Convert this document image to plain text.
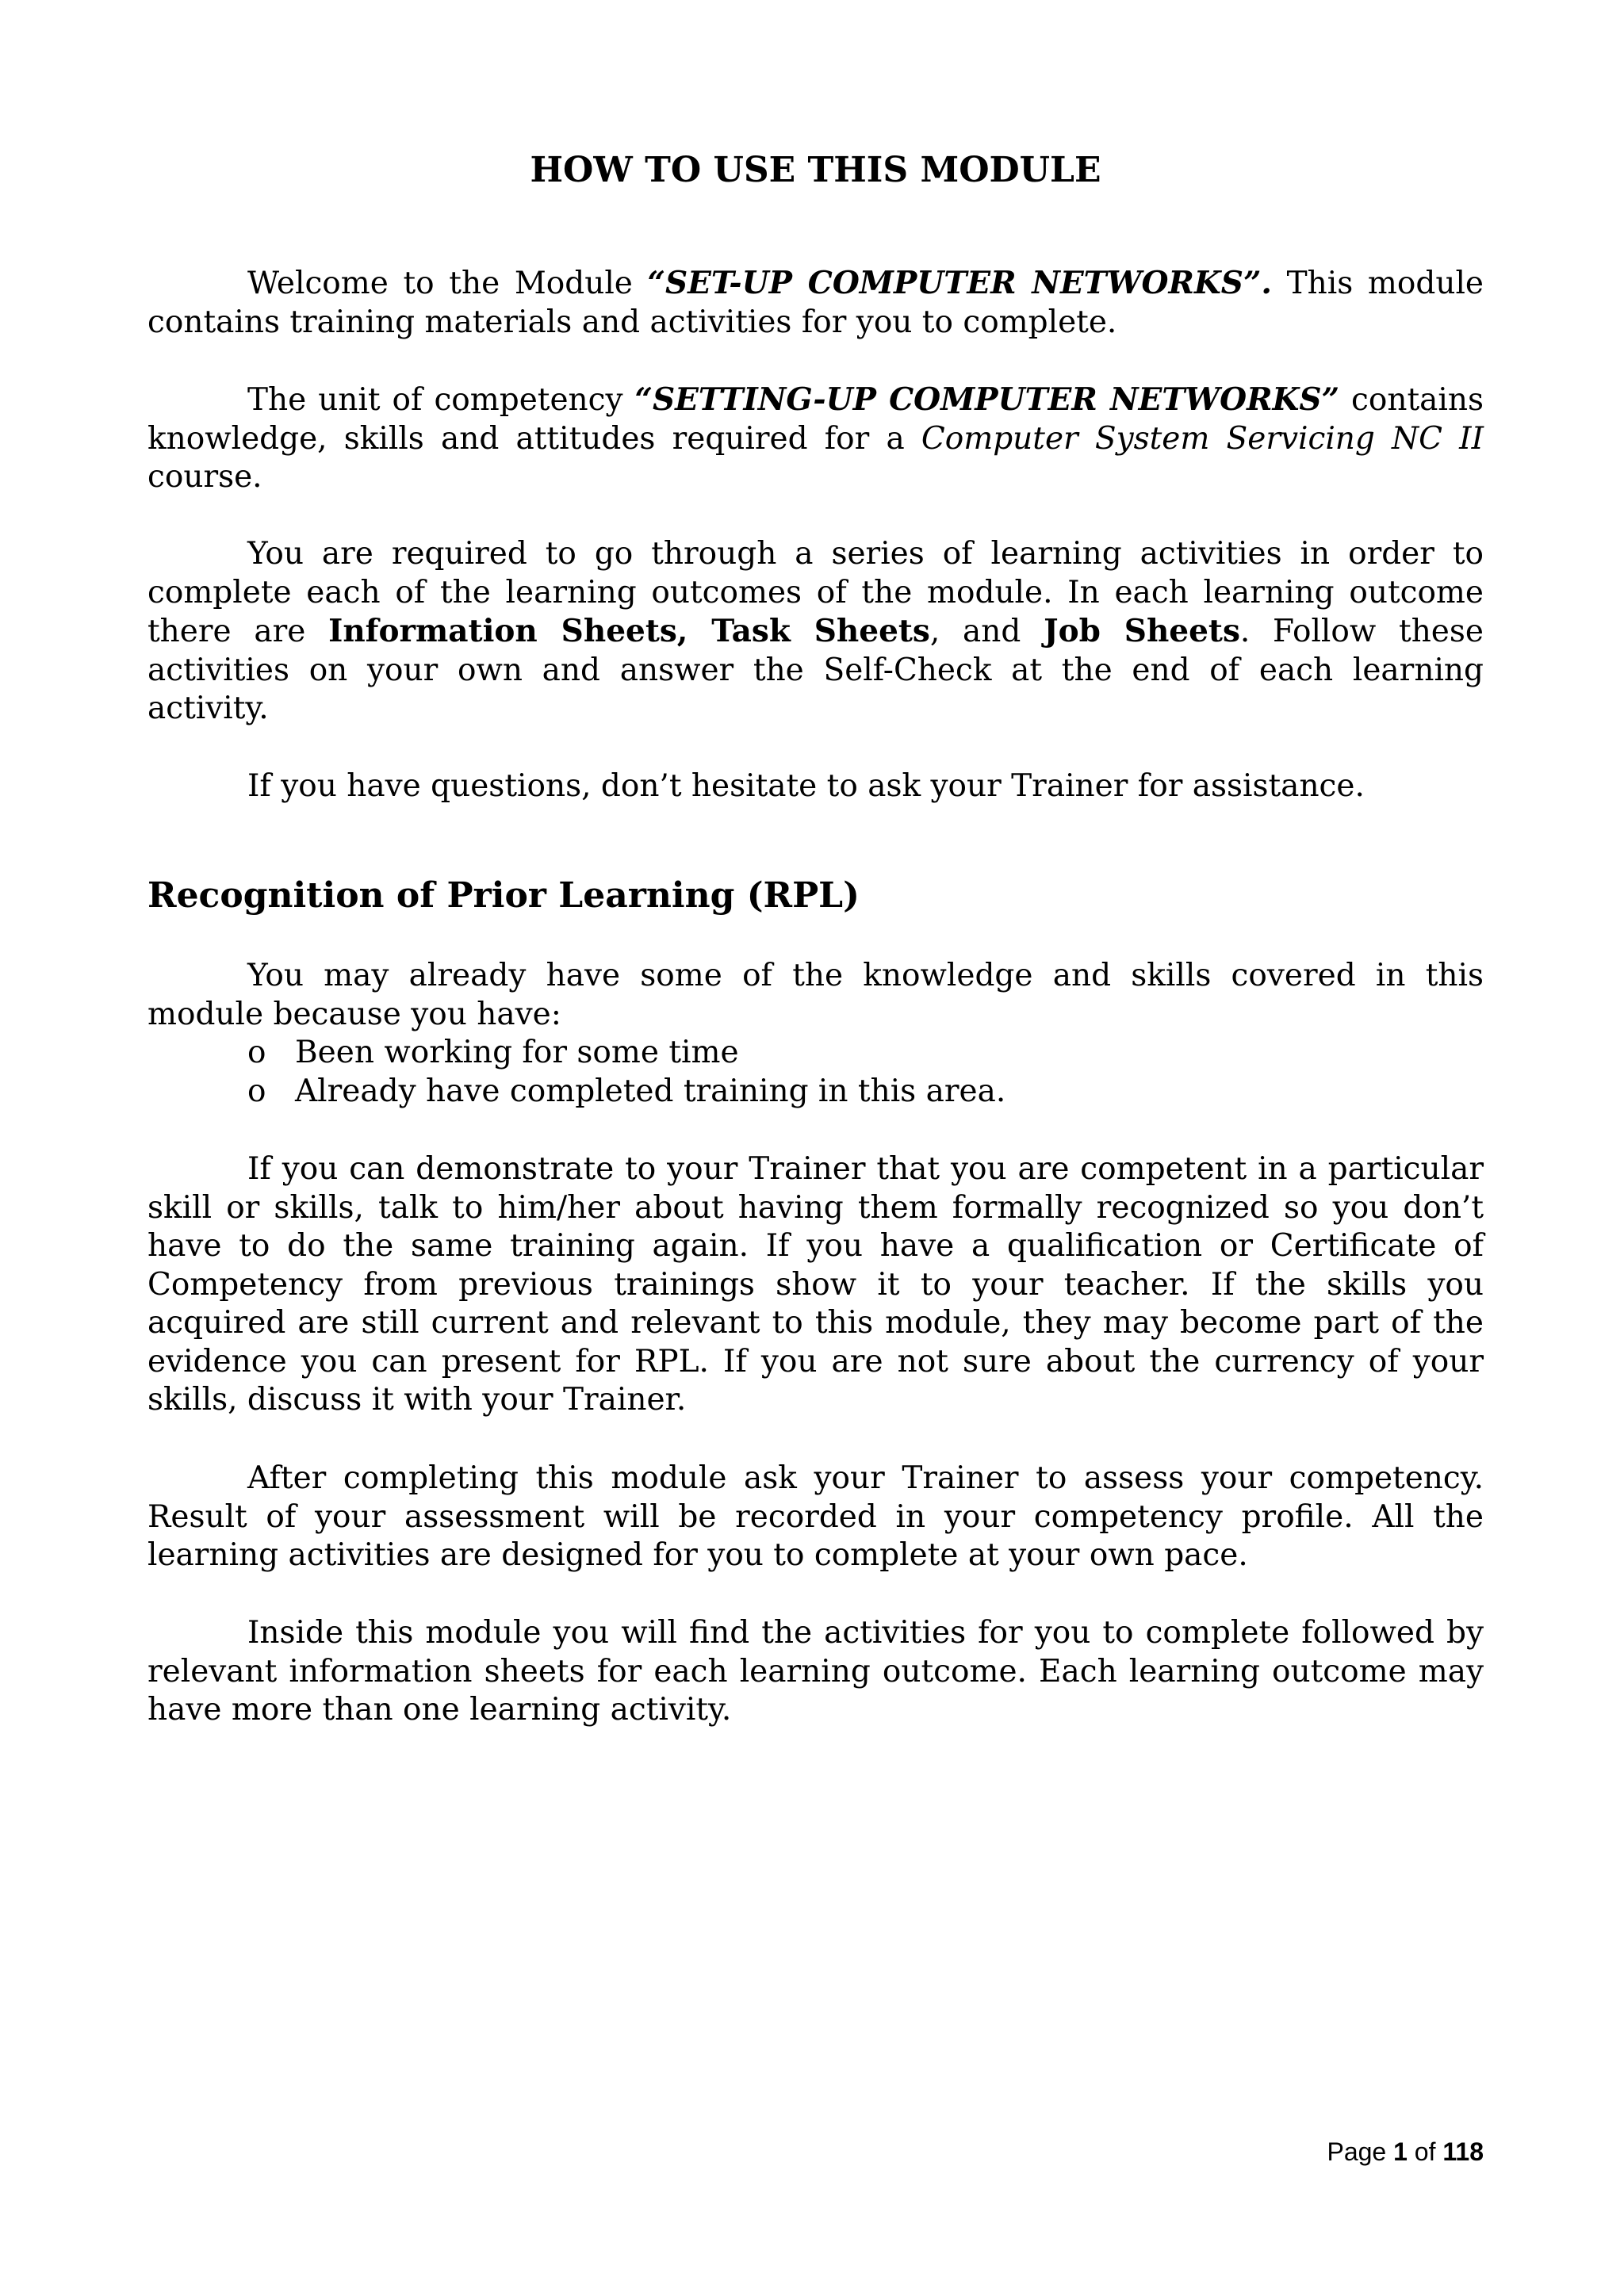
HOW TO USE THIS MODULE

Welcome to the Module “SET-UP COMPUTER NETWORKS”. This module contains training materials and activities for you to complete.

The unit of competency “SETTING-UP COMPUTER NETWORKS” contains knowledge, skills and attitudes required for a Computer System Servicing NC II course.

You are required to go through a series of learning activities in order to complete each of the learning outcomes of the module. In each learning outcome there are Information Sheets, Task Sheets, and Job Sheets. Follow these activities on your own and answer the Self-Check at the end of each learning activity.

If you have questions, don’t hesitate to ask your Trainer for assistance.

Recognition of Prior Learning (RPL)

You may already have some of the knowledge and skills covered in this module because you have:

o Been working for some time
o Already have completed training in this area.

If you can demonstrate to your Trainer that you are competent in a particular skill or skills, talk to him/her about having them formally recognized so you don’t have to do the same training again. If you have a qualification or Certificate of Competency from previous trainings show it to your teacher. If the skills you acquired are still current and relevant to this module, they may become part of the evidence you can present for RPL. If you are not sure about the currency of your skills, discuss it with your Trainer.

After completing this module ask your Trainer to assess your competency. Result of your assessment will be recorded in your competency profile. All the learning activities are designed for you to complete at your own pace.

Inside this module you will find the activities for you to complete followed by relevant information sheets for each learning outcome. Each learning outcome may have more than one learning activity.

Page 1 of 118
